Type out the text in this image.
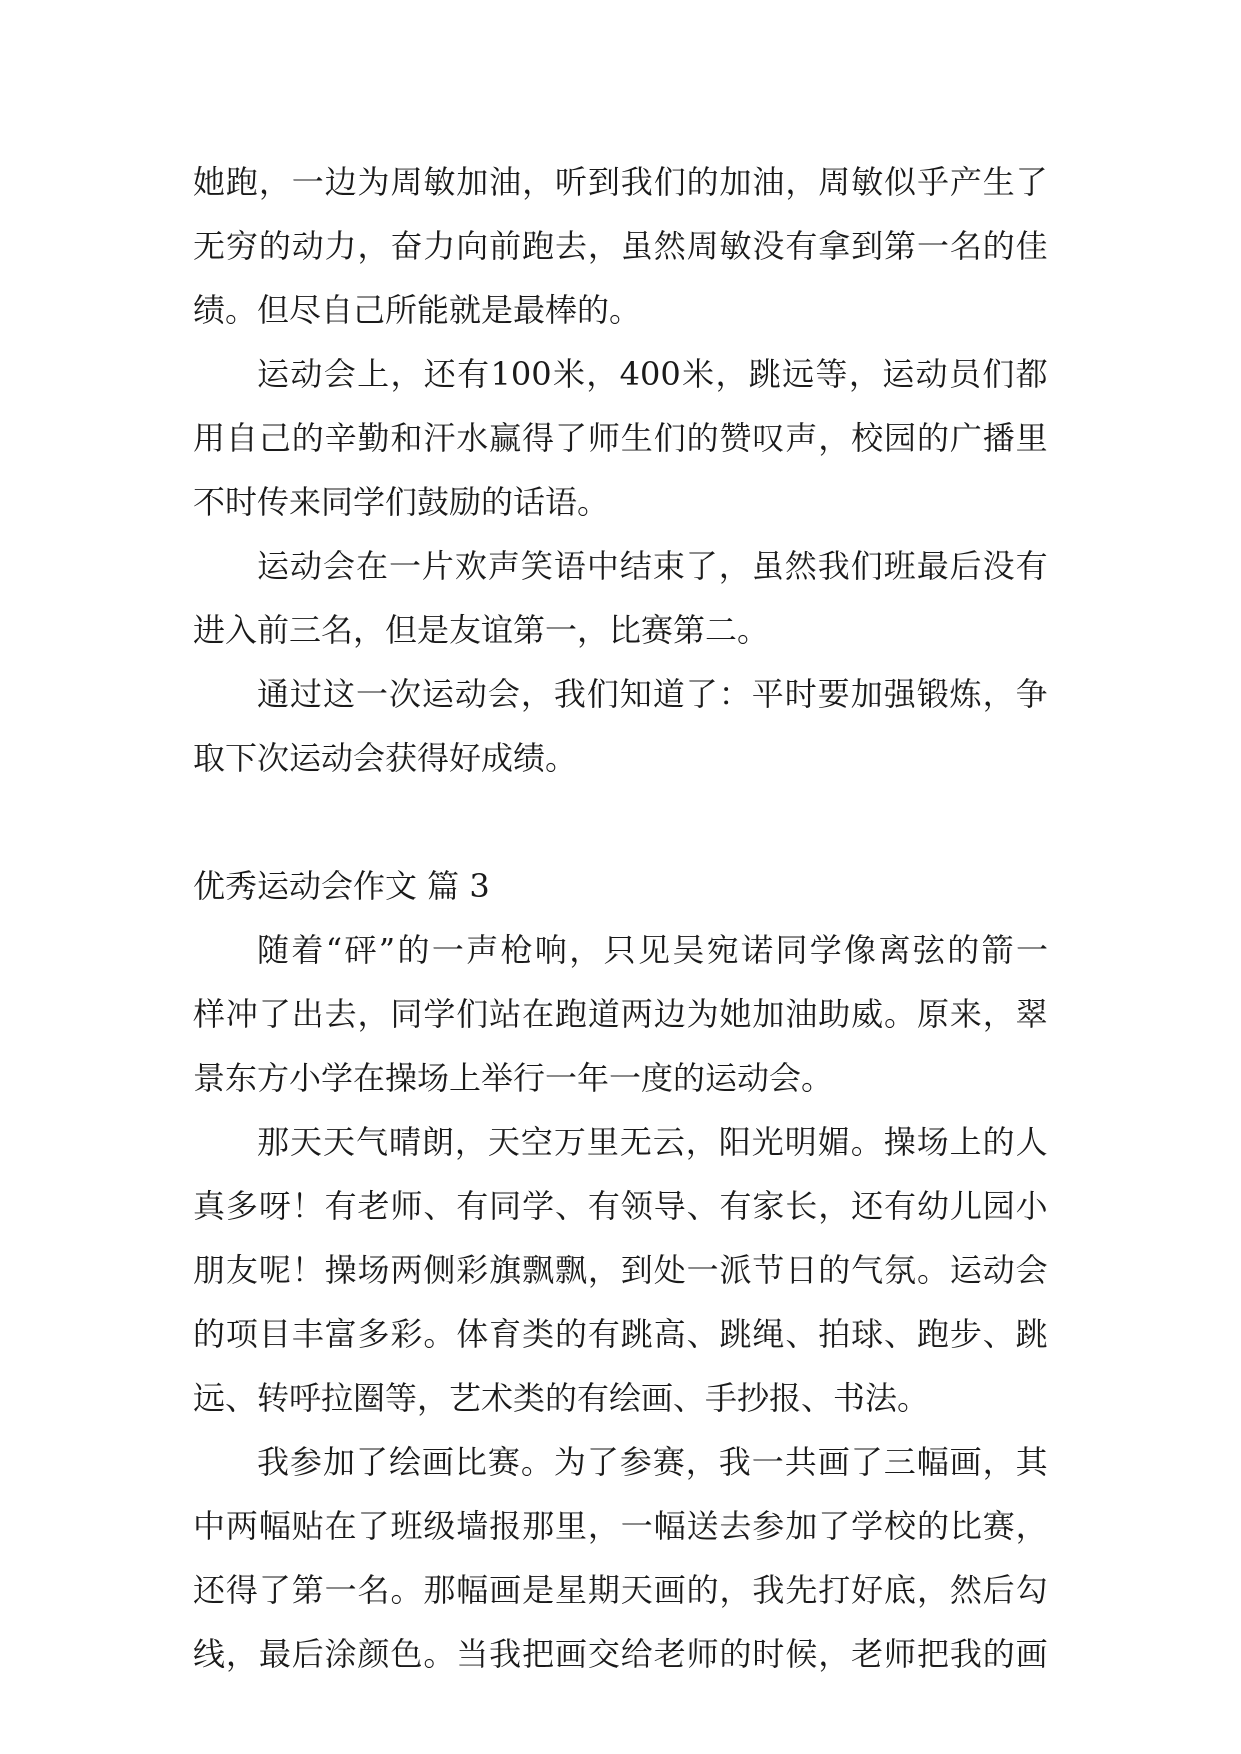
她 跑 ， 一 边 为 周 敏 加 油 ， 听 到 我 们 的 加 油 ， 周 敏 似 乎 产 生 了
无 穷 的 动 力 ， 奋 力 向 前 跑 去 ， 虽 然 周 敏 没 有 拿 到 第 一 名 的 佳
绩。但尽自己所能就是最棒的。
运 动 会 上 ， 还 有 100 米 ， 400 米 ， 跳 远 等 ， 运 动 员 们 都
用 自 己 的 辛 勤 和 汗 水 赢 得 了 师 生 们 的 赞 叹 声 ， 校 园 的 广 播 里
不时传来同学们鼓励的话语。
运 动 会 在 一 片 欢 声 笑 语 中 结 束 了 ， 虽 然 我 们 班 最 后 没 有
进入前三名，但是友谊第一，比赛第二。
通 过 这 一 次 运 动 会 ， 我 们 知 道 了 ： 平 时 要 加 强 锻 炼 ， 争
取下次运动会获得好成绩。
优秀运动会作文 篇 3
随 着 “ 砰 ” 的 一 声 枪 响 ， 只 见 吴 宛 诺 同 学 像 离 弦 的 箭 一
样 冲 了 出 去 ， 同 学 们 站 在 跑 道 两 边 为 她 加 油 助 威 。 原 来 ， 翠
景东方小学在操场上举行一年一度的运动会。
那 天 天 气 晴 朗 ， 天 空 万 里 无 云 ， 阳 光 明 媚 。 操 场 上 的 人
真 多 呀 ！ 有 老 师 、 有 同 学 、 有 领 导 、 有 家 长 ， 还 有 幼 儿 园 小
朋 友 呢 ！ 操 场 两 侧 彩 旗 飘 飘 ， 到 处 一 派 节 日 的 气 氛 。 运 动 会
的 项 目 丰 富 多 彩 。 体 育 类 的 有 跳 高 、 跳 绳 、 拍 球 、 跑 步 、 跳
远、转呼拉圈等，艺术类的有绘画、手抄报、书法。
我 参 加 了 绘 画 比 赛 。 为 了 参 赛 ， 我 一 共 画 了 三 幅 画 ， 其
中 两 幅 贴 在 了 班 级 墙 报 那 里 ， 一 幅 送 去 参 加 了 学 校 的 比 赛 ，
还 得 了 第 一 名 。 那 幅 画 是 星 期 天 画 的 ， 我 先 打 好 底 ， 然 后 勾
线 ， 最 后 涂 颜 色 。 当 我 把 画 交 给 老 师 的 时 候 ， 老 师 把 我 的 画
